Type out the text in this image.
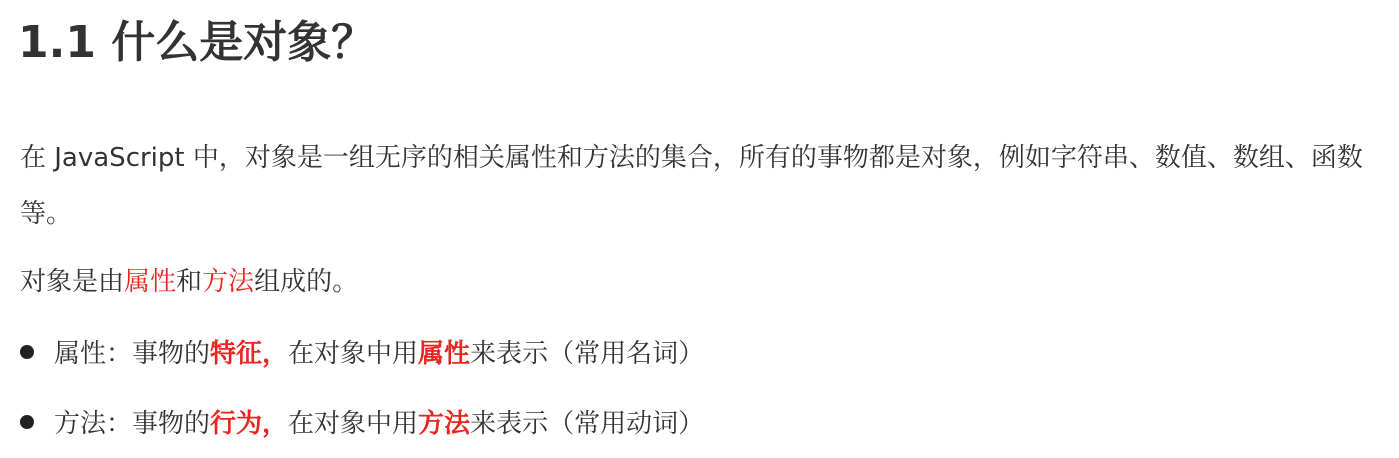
1.1 什么是对象？

在 JavaScript 中，对象是一组无序的相关属性和方法的集合，所有的事物都是对象，例如字符串、数值、数组、函数等。

对象是由属性和方法组成的。

属性：事物的特征，在对象中用属性来表示（常用名词）
方法：事物的行为，在对象中用方法来表示（常用动词）
